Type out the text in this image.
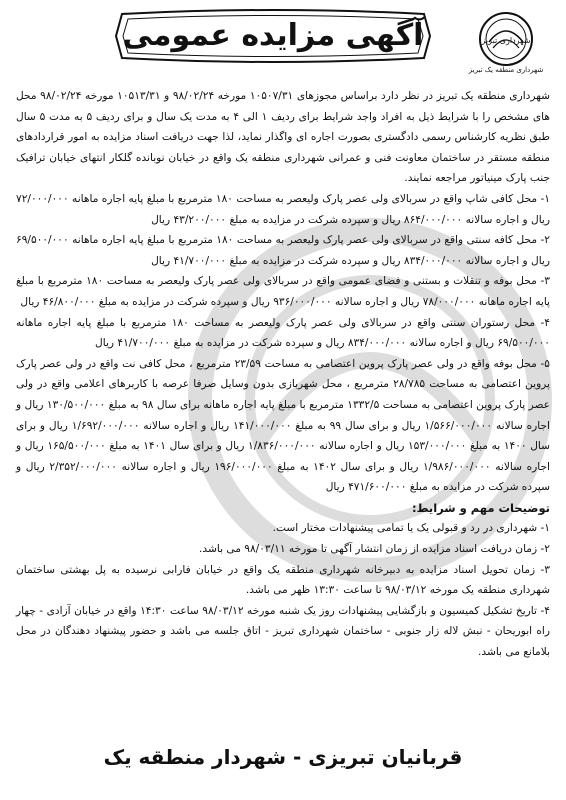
شهرداری تبریز
شهرداری منطقه یک تبریز
آگهی مزایده عمومی

شهرداری منطقه یک تبریز در نظر دارد براساس مجوزهای ۱۰۵۰۷/۳۱ مورخه ۹۸/۰۲/۲۴ و ۱۰۵۱۳/۳۱ مورخه ۹۸/۰۲/۲۴ محل های مشخص را با شرایط ذیل به افراد واجد شرایط برای ردیف ۱ الی ۴ به مدت یک سال و برای ردیف ۵ به مدت ۵ سال طبق نظریه کارشناس رسمی دادگستری بصورت اجاره ای واگذار نماید، لذا جهت دریافت اسناد مزایده به امور قراردادهای منطقه مستقر در ساختمان معاونت فنی و عمرانی شهرداری منطقه یک واقع در خیابان نوبانده گلکار انتهای خیابان ترافیک جنب پارک مینیاتور مراجعه نمایند.

۱- محل کافی شاپ واقع در سربالای ولی عصر پارک ولیعصر به مساحت ۱۸۰ مترمربع با مبلغ پایه اجاره ماهانه ۷۲/۰۰۰/۰۰۰ ریال و اجاره سالانه ۸۶۴/۰۰۰/۰۰۰ ریال و سپرده شرکت در مزایده به مبلغ ۴۳/۲۰۰/۰۰۰ ریال

۲- محل کافه سنتی واقع در سربالای ولی عصر پارک ولیعصر به مساحت ۱۸۰ مترمربع با مبلغ پایه اجاره ماهانه ۶۹/۵۰۰/۰۰۰ ریال و اجاره سالانه ۸۳۴/۰۰۰/۰۰۰ ریال و سپرده شرکت در مزایده به مبلغ ۴۱/۷۰۰/۰۰۰ ریال

۳- محل بوفه و تنقلات و بستنی و فضای عمومی واقع در سربالای ولی عصر پارک ولیعصر به مساحت ۱۸۰ مترمربع با مبلغ پایه اجاره ماهانه ۷۸/۰۰۰/۰۰۰ ریال و اجاره سالانه ۹۳۶/۰۰۰/۰۰۰ ریال و سپرده شرکت در مزایده به مبلغ ۴۶/۸۰۰/۰۰۰ ریال

۴- محل رستوران سنتی واقع در سربالای ولی عصر پارک ولیعصر به مساحت ۱۸۰ مترمربع با مبلغ پایه اجاره ماهانه ۶۹/۵۰۰/۰۰۰ ریال و اجاره سالانه ۸۳۴/۰۰۰/۰۰۰ ریال و سپرده شرکت در مزایده به مبلغ ۴۱/۷۰۰/۰۰۰ ریال

۵- محل بوفه واقع در ولی عصر پارک پروین اعتصامی به مساحت ۲۳/۵۹ مترمربع ، محل کافی نت واقع در ولی عصر پارک پروین اعتصامی به مساحت ۲۸/۷۸۵ مترمربع ، محل شهربازی بدون وسایل صرفا عرصه با کاربرهای اعلامی واقع در ولی عصر پارک پروین اعتصامی به مساحت ۱۳۳۲/۵ مترمربع با مبلغ پایه اجاره ماهانه برای سال ۹۸ به مبلغ ۱۳۰/۵۰۰/۰۰۰ ریال و اجاره سالانه ۱/۵۶۶/۰۰۰/۰۰۰ ریال و برای سال ۹۹ به مبلغ ۱۴۱/۰۰۰/۰۰۰ ریال و اجاره سالانه ۱/۶۹۲/۰۰۰/۰۰۰ ریال و برای سال ۱۴۰۰ به مبلغ ۱۵۳/۰۰۰/۰۰۰ ریال و اجاره سالانه ۱/۸۳۶/۰۰۰/۰۰۰ ریال و برای سال ۱۴۰۱ به مبلغ ۱۶۵/۵۰۰/۰۰۰ ریال و اجاره سالانه ۱/۹۸۶/۰۰۰/۰۰۰ ریال و برای سال ۱۴۰۲ به مبلغ ۱۹۶/۰۰۰/۰۰۰ ریال و اجاره سالانه ۲/۳۵۲/۰۰۰/۰۰۰ ریال و سپرده شرکت در مزایده به مبلغ ۴۷۱/۶۰۰/۰۰۰ ریال

توضیحات مهم و شرایط:

۱- شهرداری در رد و قبولی یک یا تمامی پیشنهادات مختار است.

۲- زمان دریافت اسناد مزایده از زمان انتشار آگهی تا مورخه ۹۸/۰۳/۱۱ می باشد.

۳- زمان تحویل اسناد مزایده به دبیرخانه شهرداری منطقه یک واقع در خیابان فارابی نرسیده به پل بهشتی ساختمان شهرداری منطقه یک مورخه ۹۸/۰۳/۱۲ تا ساعت ۱۳:۳۰ ظهر می باشد.

۴- تاریخ تشکیل کمیسیون و بازگشایی پیشنهادات روز یک شنبه مورخه ۹۸/۰۳/۱۲ ساعت ۱۴:۳۰ واقع در خیابان آزادی - چهار راه ابوریحان - نبش لاله زار جنوبی - ساختمان شهرداری تبریز - اتاق جلسه می باشد و حضور پیشنهاد دهندگان در محل بلامانع می باشد.

قربانیان تبریزی - شهردار منطقه یک
